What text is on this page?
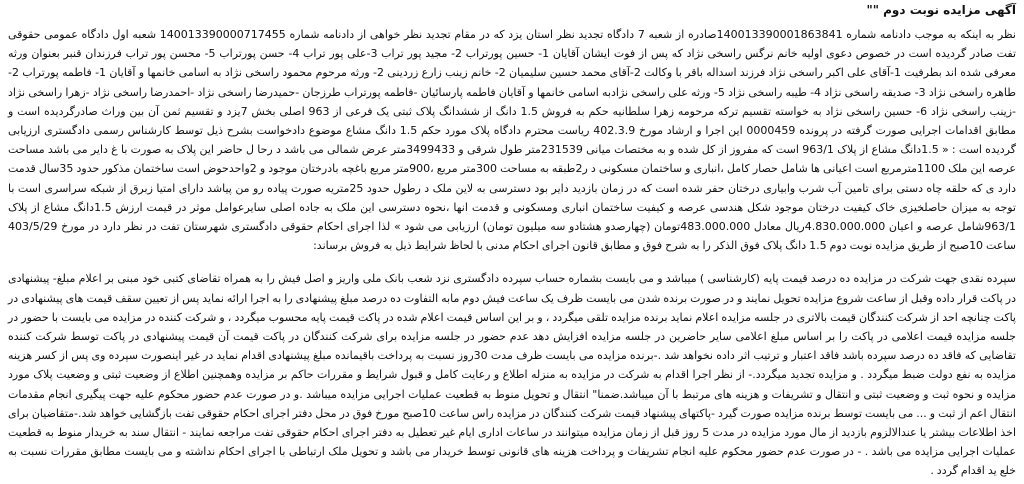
آگهی مزایده نوبت دوم ""

نظر به اینکه به موجب دادنامه شماره 140013390001863841صادره از شعبه 7 دادگاه تجدید نظر استان یزد که در مقام تجدید نظر خواهی از دادنامه شماره 140013390000717455 شعبه اول دادگاه عمومی حقوقی تفت صادر گردیده است در خصوص دعوی اولیه خانم نرگس راسخی نژاد که پس از فوت ایشان آقایان 1- حسین پورتراب 2- مجید پور تراب 3-علی پور تراب 4- حسن پورتراب 5- محسن پور تراب فرزندان قنبر بعنوان ورثه معرفی شده اند بطرفیت 1-آقای علی اکبر راسخی نژاد فرزند اسداله باقر با وکالت 2-آقای محمد حسین سلیمیان 2- خانم زینب زارع زردینی 2- ورثه مرحوم محمود راسخی نژاد به اسامی خانمها و آقایان 1- فاطمه پورتراب 2- طاهره راسخی نژاد 3- صدیقه راسخی نژاد 4- طیبه راسخی نژاد 5- ورثه علی راسخی نژادبه اسامی خانمها و آقایان فاطمه پارسائیان -فاطمه پورتراب طرزجان -حمیدرضا راسخی نژاد -احمدرضا راسخی نژاد -زهرا راسخی نژاد -زینب راسخی نژاد 6- حسین راسخی نژاد به خواسته تقسیم ترکه مرحومه زهرا سلطانیه حکم به فروش 1.5 دانگ از ششدانگ پلاک ثبتی یک فرعی از 963 اصلی بخش 7یزد و تقسیم ثمن آن بین وراث صادرگردیده است و مطابق اقدامات اجرایی صورت گرفته در پرونده 0000459 این اجرا و ارشاد مورخ 402.3.9 ریاست محترم دادگاه پلاک مورد حکم 1.5 دانگ مشاع موضوع دادخواست بشرح ذیل توسط کارشناس رسمی دادگستری ارزیابی گردیده است : « 1.5دانگ مشاع از پلاک 963/1 است که مفروز از کل شده و به مختصات میانی 231539متر طول شرقی و 3499433متر عرض شمالی می باشد د رحا ل حاضر این پلاک به صورت با غ دایر می باشد مساحت عرصه این ملک 1100مترمربع است اعیانی ها شامل حصار کامل ،انباری و ساختمان مسکونی د ر2طبقه به مساحت 300متر مربع ،900متر مربع باغچه بادرختان موجود و 2واحدحوض است ساختمان مذکور حدود 35سال قدمت دارد ی که حلقه چاه دستی برای تامین آب شرب وابیاری درختان حفر شده است که در زمان بازدید دایر بود دسترسی به لاین ملک د رطول حدود 25متریه صورت پیاده رو من پیاشد دارای امتیا زبرق از شبکه سراسری است با توجه به میزان حاصلخیزی خاک کیفیت درختان موجود شکل هندسی عرصه و کیفیت ساختمان انباری ومسکونی و قدمت انها ،نحوه دسترسی این ملک به جاده اصلی سایرعوامل موثر در قیمت ارزش 1.5دانگ مشاع از پلاک 963/1شامل عرصه و اعیان 4.830.000.000ریال معادل 483.000.000تومان (چهارصدو هشتادو سه میلیون تومان) ارزیابی می شود » لذا اجرای احکام حقوقی دادگستری شهرستان تفت در نظر دارد در مورخ 403/5/29 ساعت 10صبح از طریق مزایده نوبت دوم 1.5 دانگ پلاک فوق الذکر را به شرح فوق و مطابق قانون اجرای احکام مدنی با لحاظ شرایط ذیل به فروش برساند:

سپرده نقدی جهت شرکت در مزایده ده درصد قیمت پایه (کارشناسی ) میباشد و می بایست بشماره حساب سپرده دادگستری نزد شعب بانک ملی واریز و اصل فیش را به همراه تقاضای کتبی خود مبنی بر اعلام مبلغ- پیشنهادی در پاکت قرار داده وقبل از ساعت شروع مزایده تحویل نمایند و در صورت برنده شدن می بایست ظرف یک ساعت فیش دوم مابه التفاوت ده درصد مبلغ پیشنهادی را به اجرا ارائه نماید پس از تعیین سقف قیمت های پیشنهادی در پاکت چنانچه احد از شرکت کنندگان قیمت بالاتری در جلسه مزایده اعلام نماید برنده مزایده تلقی میگردد ، و بر این اساس قیمت اعلام شده در پاکت قیمت پایه محسوب میگردد ، و شرکت کننده در مزایده می بایست با حضور در جلسه مزایده قیمت اعلامی در پاکت را بر اساس مبلغ اعلامی سایر حاضرین در جلسه مزایده افزایش دهد عدم حضور در جلسه مزایده برای شرکت کنندگان در پاکت قیمت آن قیمت پیشنهادی در پاکت توسط شرکت کننده تقاضایی که فاقد ده درصد سپرده باشد فاقد اعتبار و ترتیب اثر داده نخواهد شد .-برنده مزایده می بایست ظرف مدت 30روز نسبت به پرداخت باقیمانده مبلغ پیشنهادی اقدام نماید در غیر اینصورت سپرده وی پس از کسر هزینه مزایده به نفع دولت ضبط میگردد . و مزایده تجدید میگردد.- از نظر اجرا اقدام به شرکت در مزایده به منزله اطلاع و رعایت کامل و قبول شرایط و مقررات حاکم بر مزایده وهمچنین اطلاع از وضعیت ثبتی و وضعیت پلاک مورد مزایده و نحوه ثبت و وضعیت ثبتی و انتقال و تشریفات و هزینه های مرتبط با آن میباشد.ضمنا" انتقال و تحویل منوط به قطعیت عملیات اجرایی مزایده میباشد .و در صورت عدم حضور محکوم علیه جهت پیگیری انجام مقدمات انتقال اعم از ثبت و ... می بایست توسط برنده مزایده صورت گیرد -پاکتهای پیشنهاد قیمت شرکت کنندگان در مزایده راس ساعت 10صبح مورخ فوق در محل دفتر اجرای احکام حقوقی تفت بازگشایی خواهد شد.-متقاضیان برای اخذ اطلاعات بیشتر یا عندالالزوم بازدید از مال مورد مزایده در مدت 5 روز قبل از زمان مزایده میتوانند در ساعات اداری ایام غیر تعطیل به دفتر اجرای احکام حقوقی تفت مراجعه نمایند - انتقال سند به خریدار منوط به قطعیت عملیات اجرایی مزایده می باشد . - در صورت عدم حضور محکوم علیه انجام تشریفات و پرداخت هزینه های قانونی توسط خریدار می باشد و تحویل ملک ارتباطی با اجرای احکام نداشته و می بایست مطابق مقررات نسبت به خلع ید اقدام گردد .
